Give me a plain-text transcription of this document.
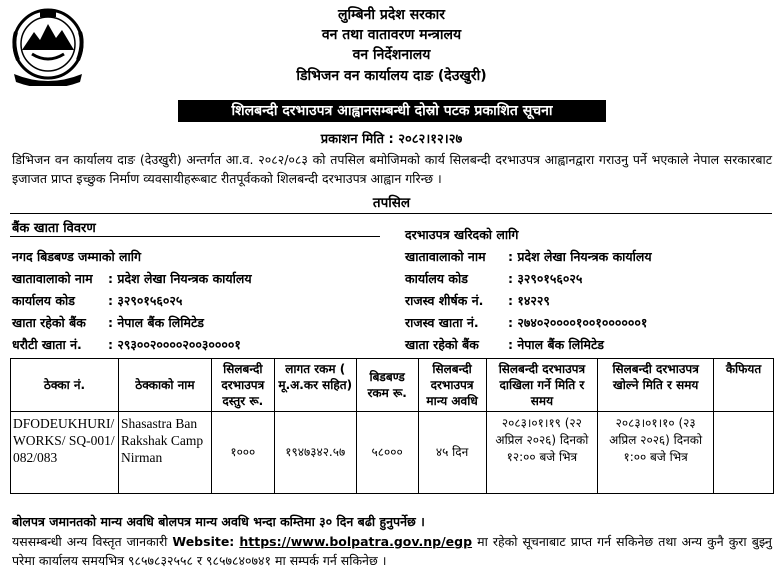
लुम्बिनी प्रदेश सरकार
वन तथा वातावरण मन्त्रालय
वन निर्देशनालय
डिभिजन वन कार्यालय दाङ (देउखुरी)
शिलबन्दी दरभाउपत्र आह्वानसम्बन्धी दोस्रो पटक प्रकाशित सूचना
प्रकाशन मिति : २०८२।१२।२७
डिभिजन वन कार्यालय दाङ (देउखुरी) अन्तर्गत आ.व. २०८२/०८३ को तपसिल बमोजिमको कार्य सिलबन्दी दरभाउपत्र आह्वानद्वारा गराउनु पर्ने भएकाले नेपाल सरकारबाट इजाजत प्राप्त इच्छुक निर्माण व्यवसायीहरूबाट रीतपूर्वकको शिलबन्दी दरभाउपत्र आह्वान गरिन्छ ।
तपसिल
बैंक खाता विवरण
नगद बिडबण्ड जम्माको लागि
खातावालाको नाम : प्रदेश लेखा नियन्त्रक कार्यालय
कार्यालय कोड	: ३२९०१५६०२५
खाता रहेको बैंक : नेपाल बैंक लिमिटेड
धरौटी खाता नं. : २९३००२००००२००३००००१
दरभाउपत्र खरिदको लागि
खातावालाको नाम : प्रदेश लेखा नियन्त्रक कार्यालय
कार्यालय कोड	: ३२९०१५६०२५
राजस्व शीर्षक नं. : १४२२९
राजस्व खाता नं. : २७४०२००००१००१००००००१
खाता रहेको बैंक : नेपाल बैंक लिमिटेड
ठेक्का नं.	ठेक्काको नाम	सिलबन्दी दरभाउपत्र दस्तुर रू.	लागत रकम ( मू.अ.कर सहित)	बिडबण्ड रकम रू.	सिलबन्दी दरभाउपत्र मान्य अवधि	सिलबन्दी दरभाउपत्र दाखिला गर्ने मिति र समय	सिलबन्दी दरभाउपत्र खोल्ने मिति र समय	कैफियत
DFODEUKHURI/ WORKS/ SQ-001/ 082/083	Shasastra Ban Rakshak Camp Nirman	१०००	१९४७३४२.५७	५८०००	४५ दिन	२०८३।०१।१९ (२२ अप्रिल २०२६) दिनको १२:०० बजे भित्र	२०८३।०१।१० (२३ अप्रिल २०२६) दिनको १:०० बजे भित्र	
बोलपत्र जमानतको मान्य अवधि बोलपत्र मान्य अवधि भन्दा कम्तिमा ३० दिन बढी हुनुपर्नेछ ।
यससम्बन्धी अन्य विस्तृत जानकारी Website: https://www.bolpatra.gov.np/egp मा रहेको सूचनाबाट प्राप्त गर्न सकिनेछ तथा अन्य कुनै कुरा बुझ्नु परेमा कार्यालय समयभित्र ९८५७८३२५५८ र ९८५७८४०७४१ मा सम्पर्क गर्न सकिनेछ ।
